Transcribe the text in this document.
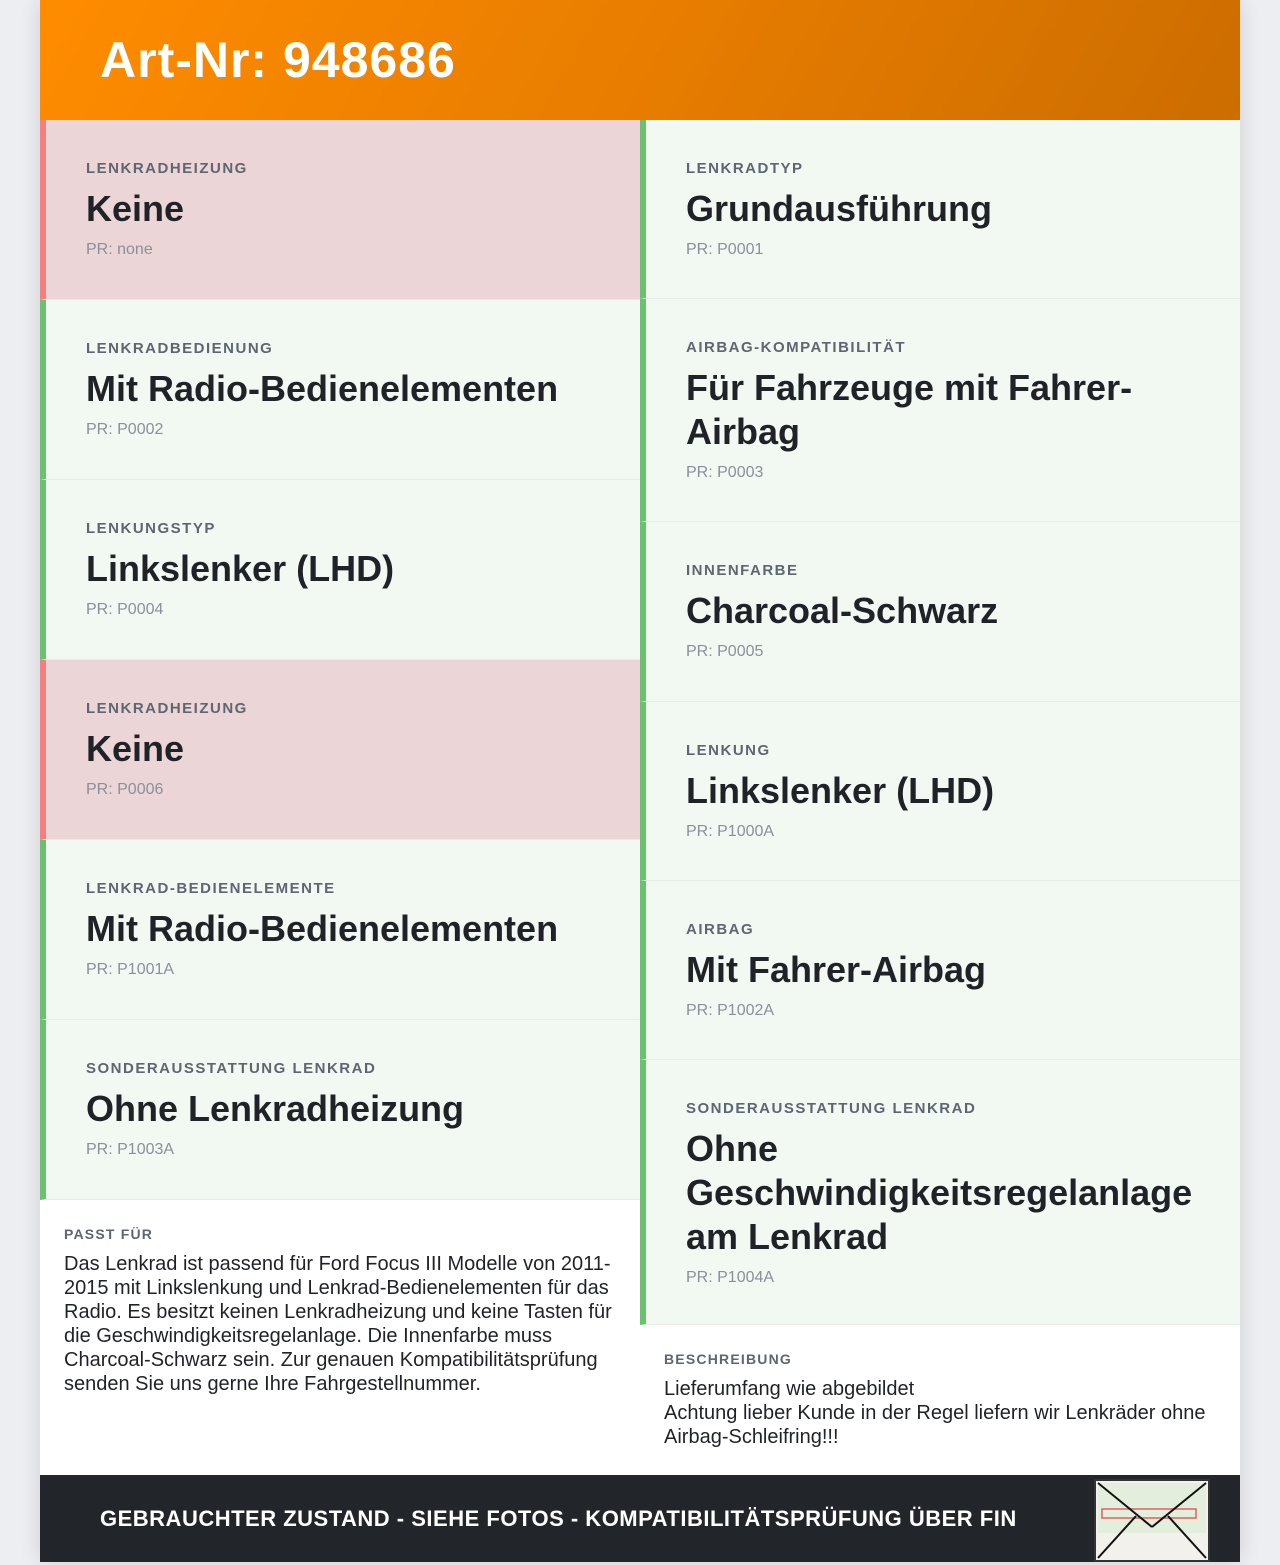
Art-Nr: 948686
LENKRADHEIZUNG
Keine
PR: none
LENKRADBEDIENUNG
Mit Radio-Bedienelementen
PR: P0002
LENKUNGSTYP
Linkslenker (LHD)
PR: P0004
LENKRADHEIZUNG
Keine
PR: P0006
LENKRAD-BEDIENELEMENTE
Mit Radio-Bedienelementen
PR: P1001A
SONDERAUSSTATTUNG LENKRAD
Ohne Lenkradheizung
PR: P1003A
PASST FÜR
Das Lenkrad ist passend für Ford Focus III Modelle von 2011-2015 mit Linkslenkung und Lenkrad-Bedienelementen für das Radio. Es besitzt keinen Lenkradheizung und keine Tasten für die Geschwindigkeitsregelanlage. Die Innenfarbe muss Charcoal-Schwarz sein. Zur genauen Kompatibilitätsprüfung senden Sie uns gerne Ihre Fahrgestellnummer.
LENKRADTYP
Grundausführung
PR: P0001
AIRBAG-KOMPATIBILITÄT
Für Fahrzeuge mit Fahrer-Airbag
PR: P0003
INNENFARBE
Charcoal-Schwarz
PR: P0005
LENKUNG
Linkslenker (LHD)
PR: P1000A
AIRBAG
Mit Fahrer-Airbag
PR: P1002A
SONDERAUSSTATTUNG LENKRAD
Ohne Geschwindigkeitsregelanlage am Lenkrad
PR: P1004A
BESCHREIBUNG
Lieferumfang wie abgebildet
Achtung lieber Kunde in der Regel liefern wir Lenkräder ohne Airbag-Schleifring!!!
GEBRAUCHTER ZUSTAND - SIEHE FOTOS - KOMPATIBILITÄTSPRÜFUNG ÜBER FIN
